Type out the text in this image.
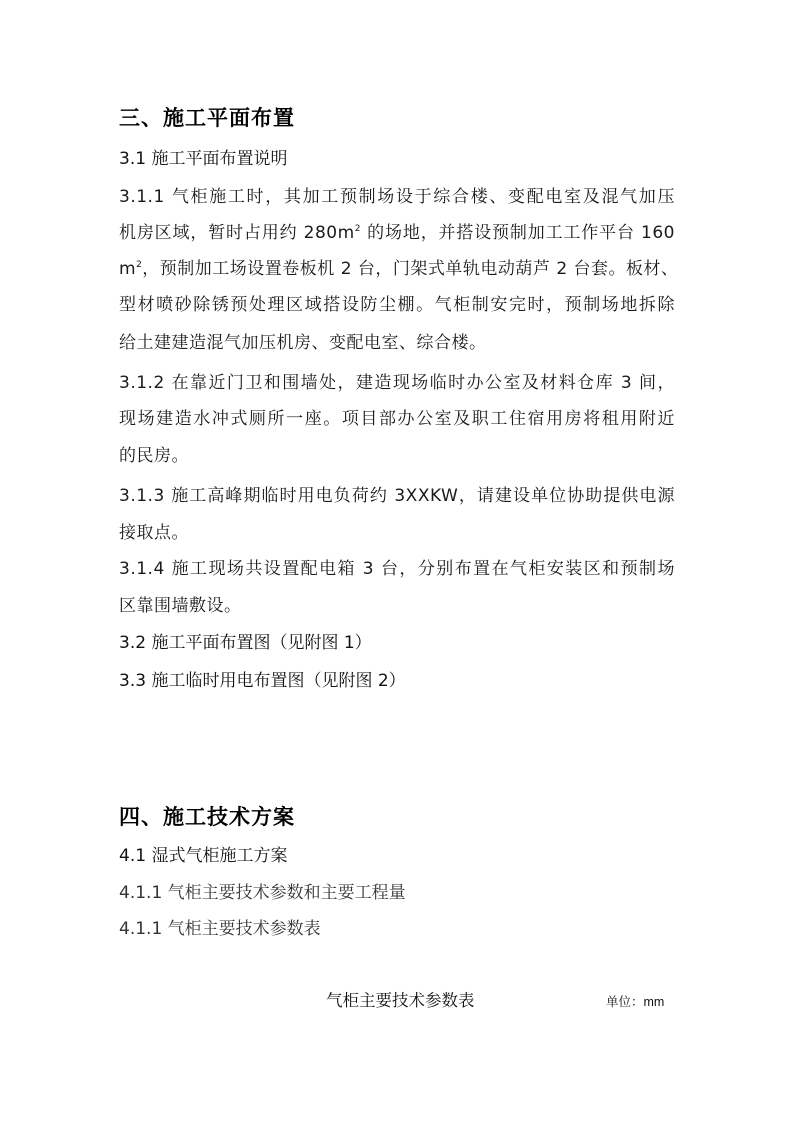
三、施工平面布置
3.1 施工平面布置说明
3.1.1 气柜施工时，其加工预制场设于综合楼、变配电室及混气加压
机房区域，暂时占用约 $280m^2$ 的场地，并搭设预制加工工作平台 160
$m^2$，预制加工场设置卷板机 2 台，门架式单轨电动葫芦 2 台套。板材、
型材喷砂除锈预处理区域搭设防尘棚。气柜制安完时，预制场地拆除
给土建建造混气加压机房、变配电室、综合楼。
3.1.2 在靠近门卫和围墙处，建造现场临时办公室及材料仓库 3 间，
现场建造水冲式厕所一座。项目部办公室及职工住宿用房将租用附近
的民房。
3.1.3 施工高峰期临时用电负荷约 3XXKW，请建设单位协助提供电源
接取点。
3.1.4 施工现场共设置配电箱 3 台，分别布置在气柜安装区和预制场
区靠围墙敷设。
3.2 施工平面布置图（见附图 1）
3.3 施工临时用电布置图（见附图 2）
四、施工技术方案
4.1 湿式气柜施工方案
4.1.1 气柜主要技术参数和主要工程量
4.1.1 气柜主要技术参数表
气柜主要技术参数表	单位：mm
